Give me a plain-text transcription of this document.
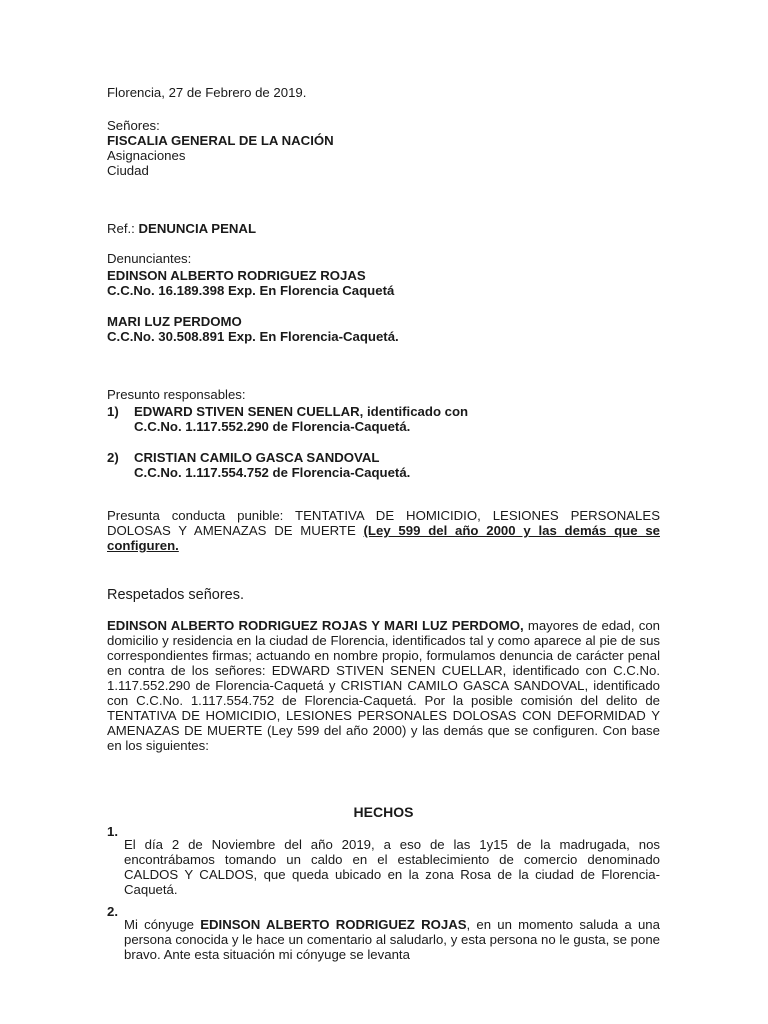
Florencia, 27 de Febrero de 2019.

Señores:

FISCALIA GENERAL DE LA NACIÓN

Asignaciones

Ciudad

Ref.: DENUNCIA PENAL

Denunciantes:

EDINSON ALBERTO RODRIGUEZ ROJAS

C.C.No. 16.189.398 Exp. En Florencia Caquetá

MARI LUZ PERDOMO

C.C.No. 30.508.891 Exp. En Florencia-Caquetá.

Presunto responsables:

1) EDWARD STIVEN SENEN CUELLAR, identificado con

C.C.No. 1.117.552.290 de Florencia-Caquetá.

2) CRISTIAN CAMILO GASCA SANDOVAL

C.C.No. 1.117.554.752 de Florencia-Caquetá.

Presunta conducta punible: TENTATIVA DE HOMICIDIO, LESIONES PERSONALES DOLOSAS Y AMENAZAS DE MUERTE (Ley 599 del año 2000 y las demás que se configuren.

Respetados señores.

EDINSON ALBERTO RODRIGUEZ ROJAS Y MARI LUZ PERDOMO, mayores de edad, con domicilio y residencia en la ciudad de Florencia, identificados tal y como aparece al pie de sus correspondientes firmas; actuando en nombre propio, formulamos denuncia de carácter penal en contra de los señores: EDWARD STIVEN SENEN CUELLAR, identificado con C.C.No. 1.117.552.290 de Florencia-Caquetá y CRISTIAN CAMILO GASCA SANDOVAL, identificado con C.C.No. 1.117.554.752 de Florencia-Caquetá. Por la posible comisión del delito de TENTATIVA DE HOMICIDIO, LESIONES PERSONALES DOLOSAS CON DEFORMIDAD Y AMENAZAS DE MUERTE (Ley 599 del año 2000) y las demás que se configuren. Con base en los siguientes:

HECHOS

1.

El día 2 de Noviembre del año 2019, a eso de las 1y15 de la madrugada, nos encontrábamos tomando un caldo en el establecimiento de comercio denominado CALDOS Y CALDOS, que queda ubicado en la zona Rosa de la ciudad de Florencia-Caquetá.

2.

Mi cónyuge EDINSON ALBERTO RODRIGUEZ ROJAS, en un momento saluda a una persona conocida y le hace un comentario al saludarlo, y esta persona no le gusta, se pone bravo. Ante esta situación mi cónyuge se levanta
